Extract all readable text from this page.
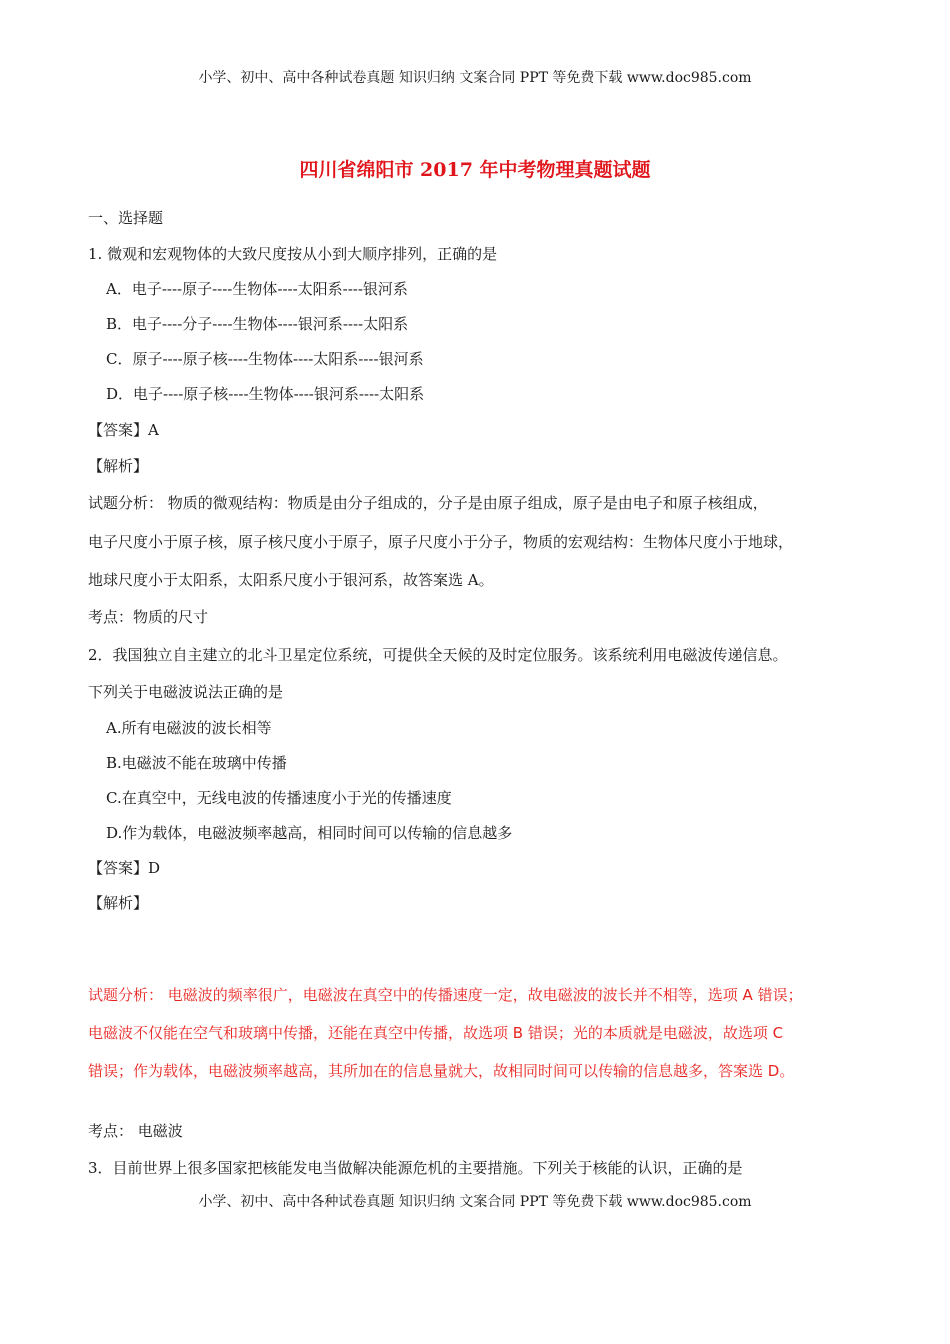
小学、初中、高中各种试卷真题 知识归纳 文案合同 PPT 等免费下载 www.doc985.com
四川省绵阳市 2017 年中考物理真题试题
一、选择题
1. 微观和宏观物体的大致尺度按从小到大顺序排列，正确的是
A．电子----原子----生物体----太阳系----银河系
B．电子----分子----生物体----银河系----太阳系
C．原子----原子核----生物体----太阳系----银河系
D．电子----原子核----生物体----银河系----太阳系
【答案】A
【解析】
试题分析： 物质的微观结构：物质是由分子组成的，分子是由原子组成，原子是由电子和原子核组成，
电子尺度小于原子核，原子核尺度小于原子，原子尺度小于分子，物质的宏观结构：生物体尺度小于地球，
地球尺度小于太阳系，太阳系尺度小于银河系，故答案选 A。
考点：物质的尺寸
2．我国独立自主建立的北斗卫星定位系统，可提供全天候的及时定位服务。该系统利用电磁波传递信息。
下列关于电磁波说法正确的是
A.所有电磁波的波长相等
B.电磁波不能在玻璃中传播
C.在真空中，无线电波的传播速度小于光的传播速度
D.作为载体，电磁波频率越高，相同时间可以传输的信息越多
【答案】D
【解析】
试题分析： 电磁波的频率很广，电磁波在真空中的传播速度一定，故电磁波的波长并不相等，选项 A 错误；
电磁波不仅能在空气和玻璃中传播，还能在真空中传播，故选项 B 错误；光的本质就是电磁波，故选项 C
错误；作为载体，电磁波频率越高，其所加在的信息量就大，故相同时间可以传输的信息越多，答案选 D。
考点： 电磁波
3．目前世界上很多国家把核能发电当做解决能源危机的主要措施。下列关于核能的认识，正确的是
小学、初中、高中各种试卷真题 知识归纳 文案合同 PPT 等免费下载 www.doc985.com
